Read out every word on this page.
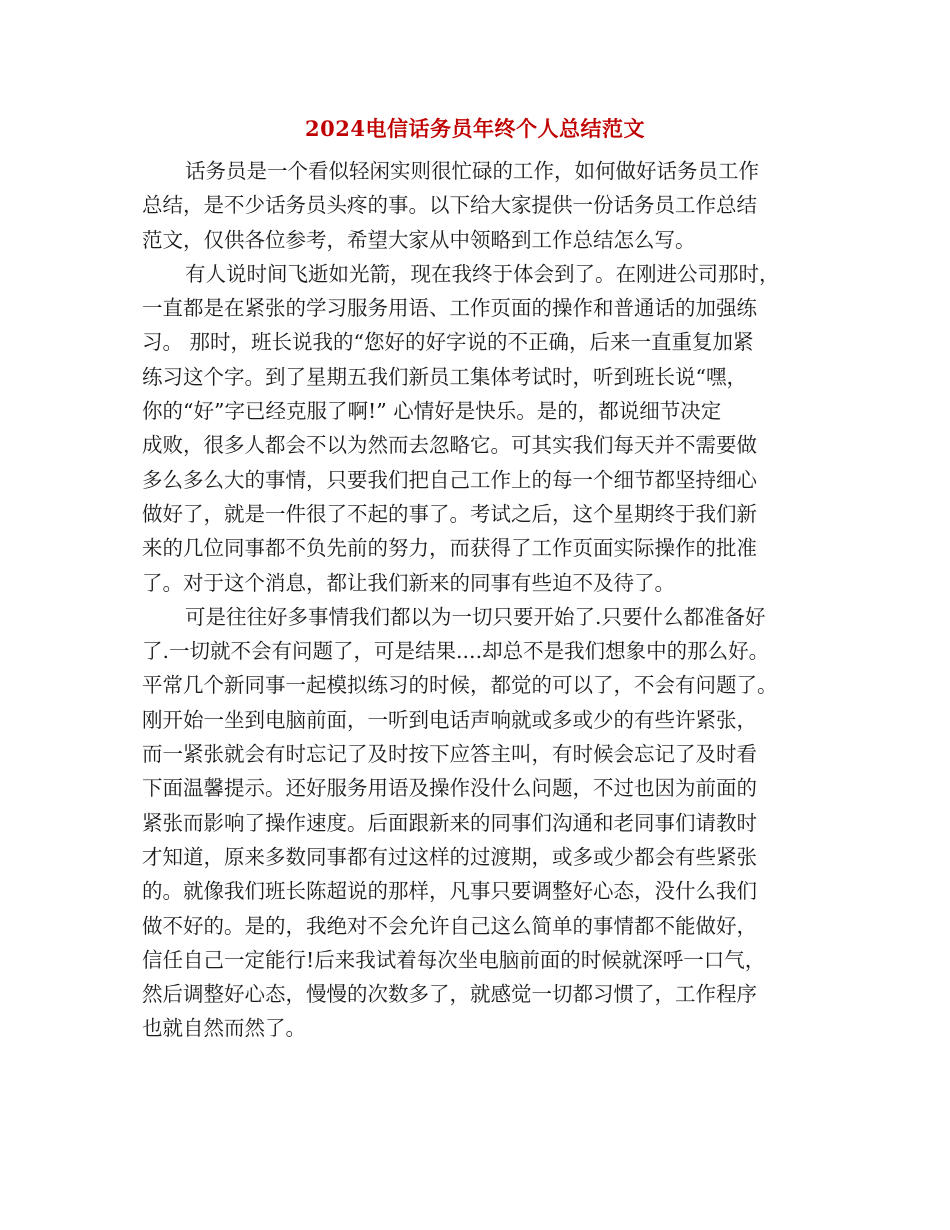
2024电信话务员年终个人总结范文
话务员是一个看似轻闲实则很忙碌的工作，如何做好话务员工作
总结，是不少话务员头疼的事。以下给大家提供一份话务员工作总结
范文，仅供各位参考，希望大家从中领略到工作总结怎么写。
有人说时间飞逝如光箭，现在我终于体会到了。在刚进公司那时，
一直都是在紧张的学习服务用语、工作页面的操作和普通话的加强练
习。 那时，班长说我的“您好的好字说的不正确，后来一直重复加紧
练习这个字。到了星期五我们新员工集体考试时，听到班长说“嘿，
你的“好”字已经克服了啊!” 心情好是快乐。是的，都说细节决定
成败，很多人都会不以为然而去忽略它。可其实我们每天并不需要做
多么多么大的事情，只要我们把自己工作上的每一个细节都坚持细心
做好了，就是一件很了不起的事了。考试之后，这个星期终于我们新
来的几位同事都不负先前的努力，而获得了工作页面实际操作的批准
了。对于这个消息，都让我们新来的同事有些迫不及待了。
可是往往好多事情我们都以为一切只要开始了.只要什么都准备好
了.一切就不会有问题了，可是结果....却总不是我们想象中的那么好。
平常几个新同事一起模拟练习的时候，都觉的可以了，不会有问题了。
刚开始一坐到电脑前面，一听到电话声响就或多或少的有些许紧张，
而一紧张就会有时忘记了及时按下应答主叫，有时候会忘记了及时看
下面温馨提示。还好服务用语及操作没什么问题，不过也因为前面的
紧张而影响了操作速度。后面跟新来的同事们沟通和老同事们请教时
才知道，原来多数同事都有过这样的过渡期，或多或少都会有些紧张
的。就像我们班长陈超说的那样，凡事只要调整好心态，没什么我们
做不好的。是的，我绝对不会允许自己这么简单的事情都不能做好，
信任自己一定能行!后来我试着每次坐电脑前面的时候就深呼一口气，
然后调整好心态，慢慢的次数多了，就感觉一切都习惯了，工作程序
也就自然而然了。
